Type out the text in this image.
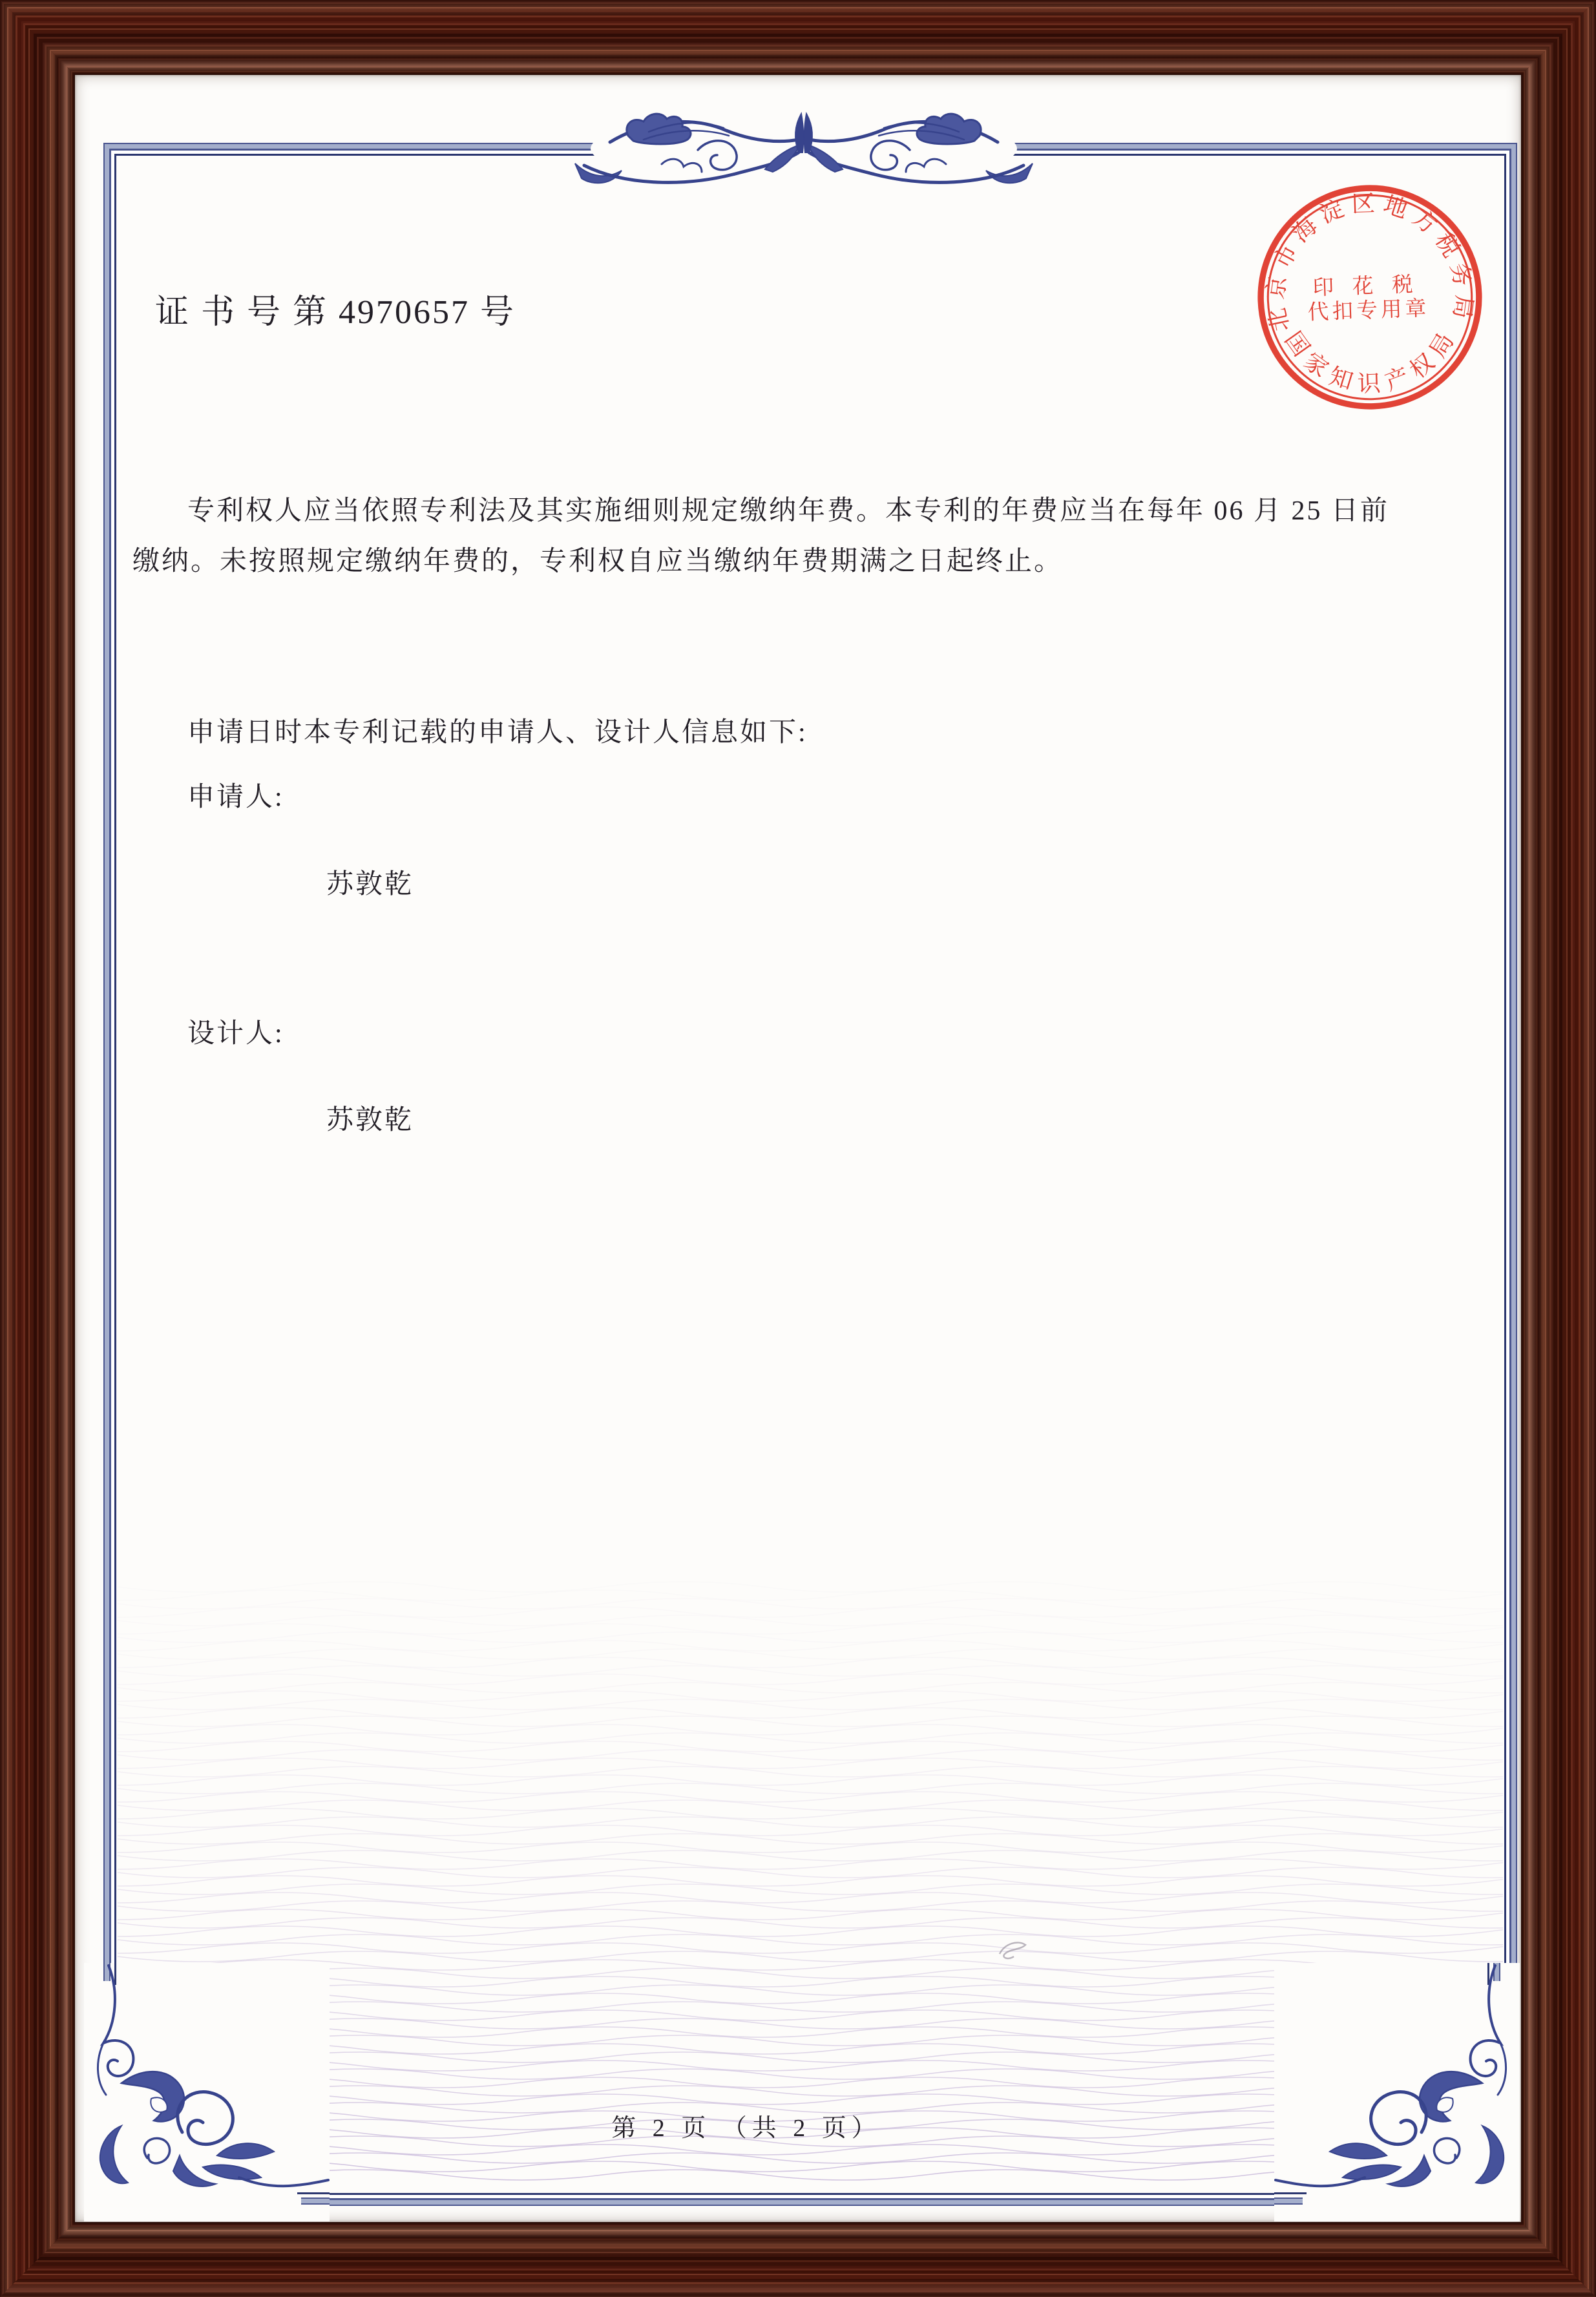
证 书 号 第 4970657 号
专利权人应当依照专利法及其实施细则规定缴纳年费。本专利的年费应当在每年 06 月 25 日前缴纳。未按照规定缴纳年费的，专利权自应当缴纳年费期满之日起终止。
申请日时本专利记载的申请人、设计人信息如下:
申请人:
苏敦乾
设计人:
苏敦乾
第 2 页 （共 2 页）
北京市海淀区地方税务局
国家知识产权局
印 花 税
代扣专用章
